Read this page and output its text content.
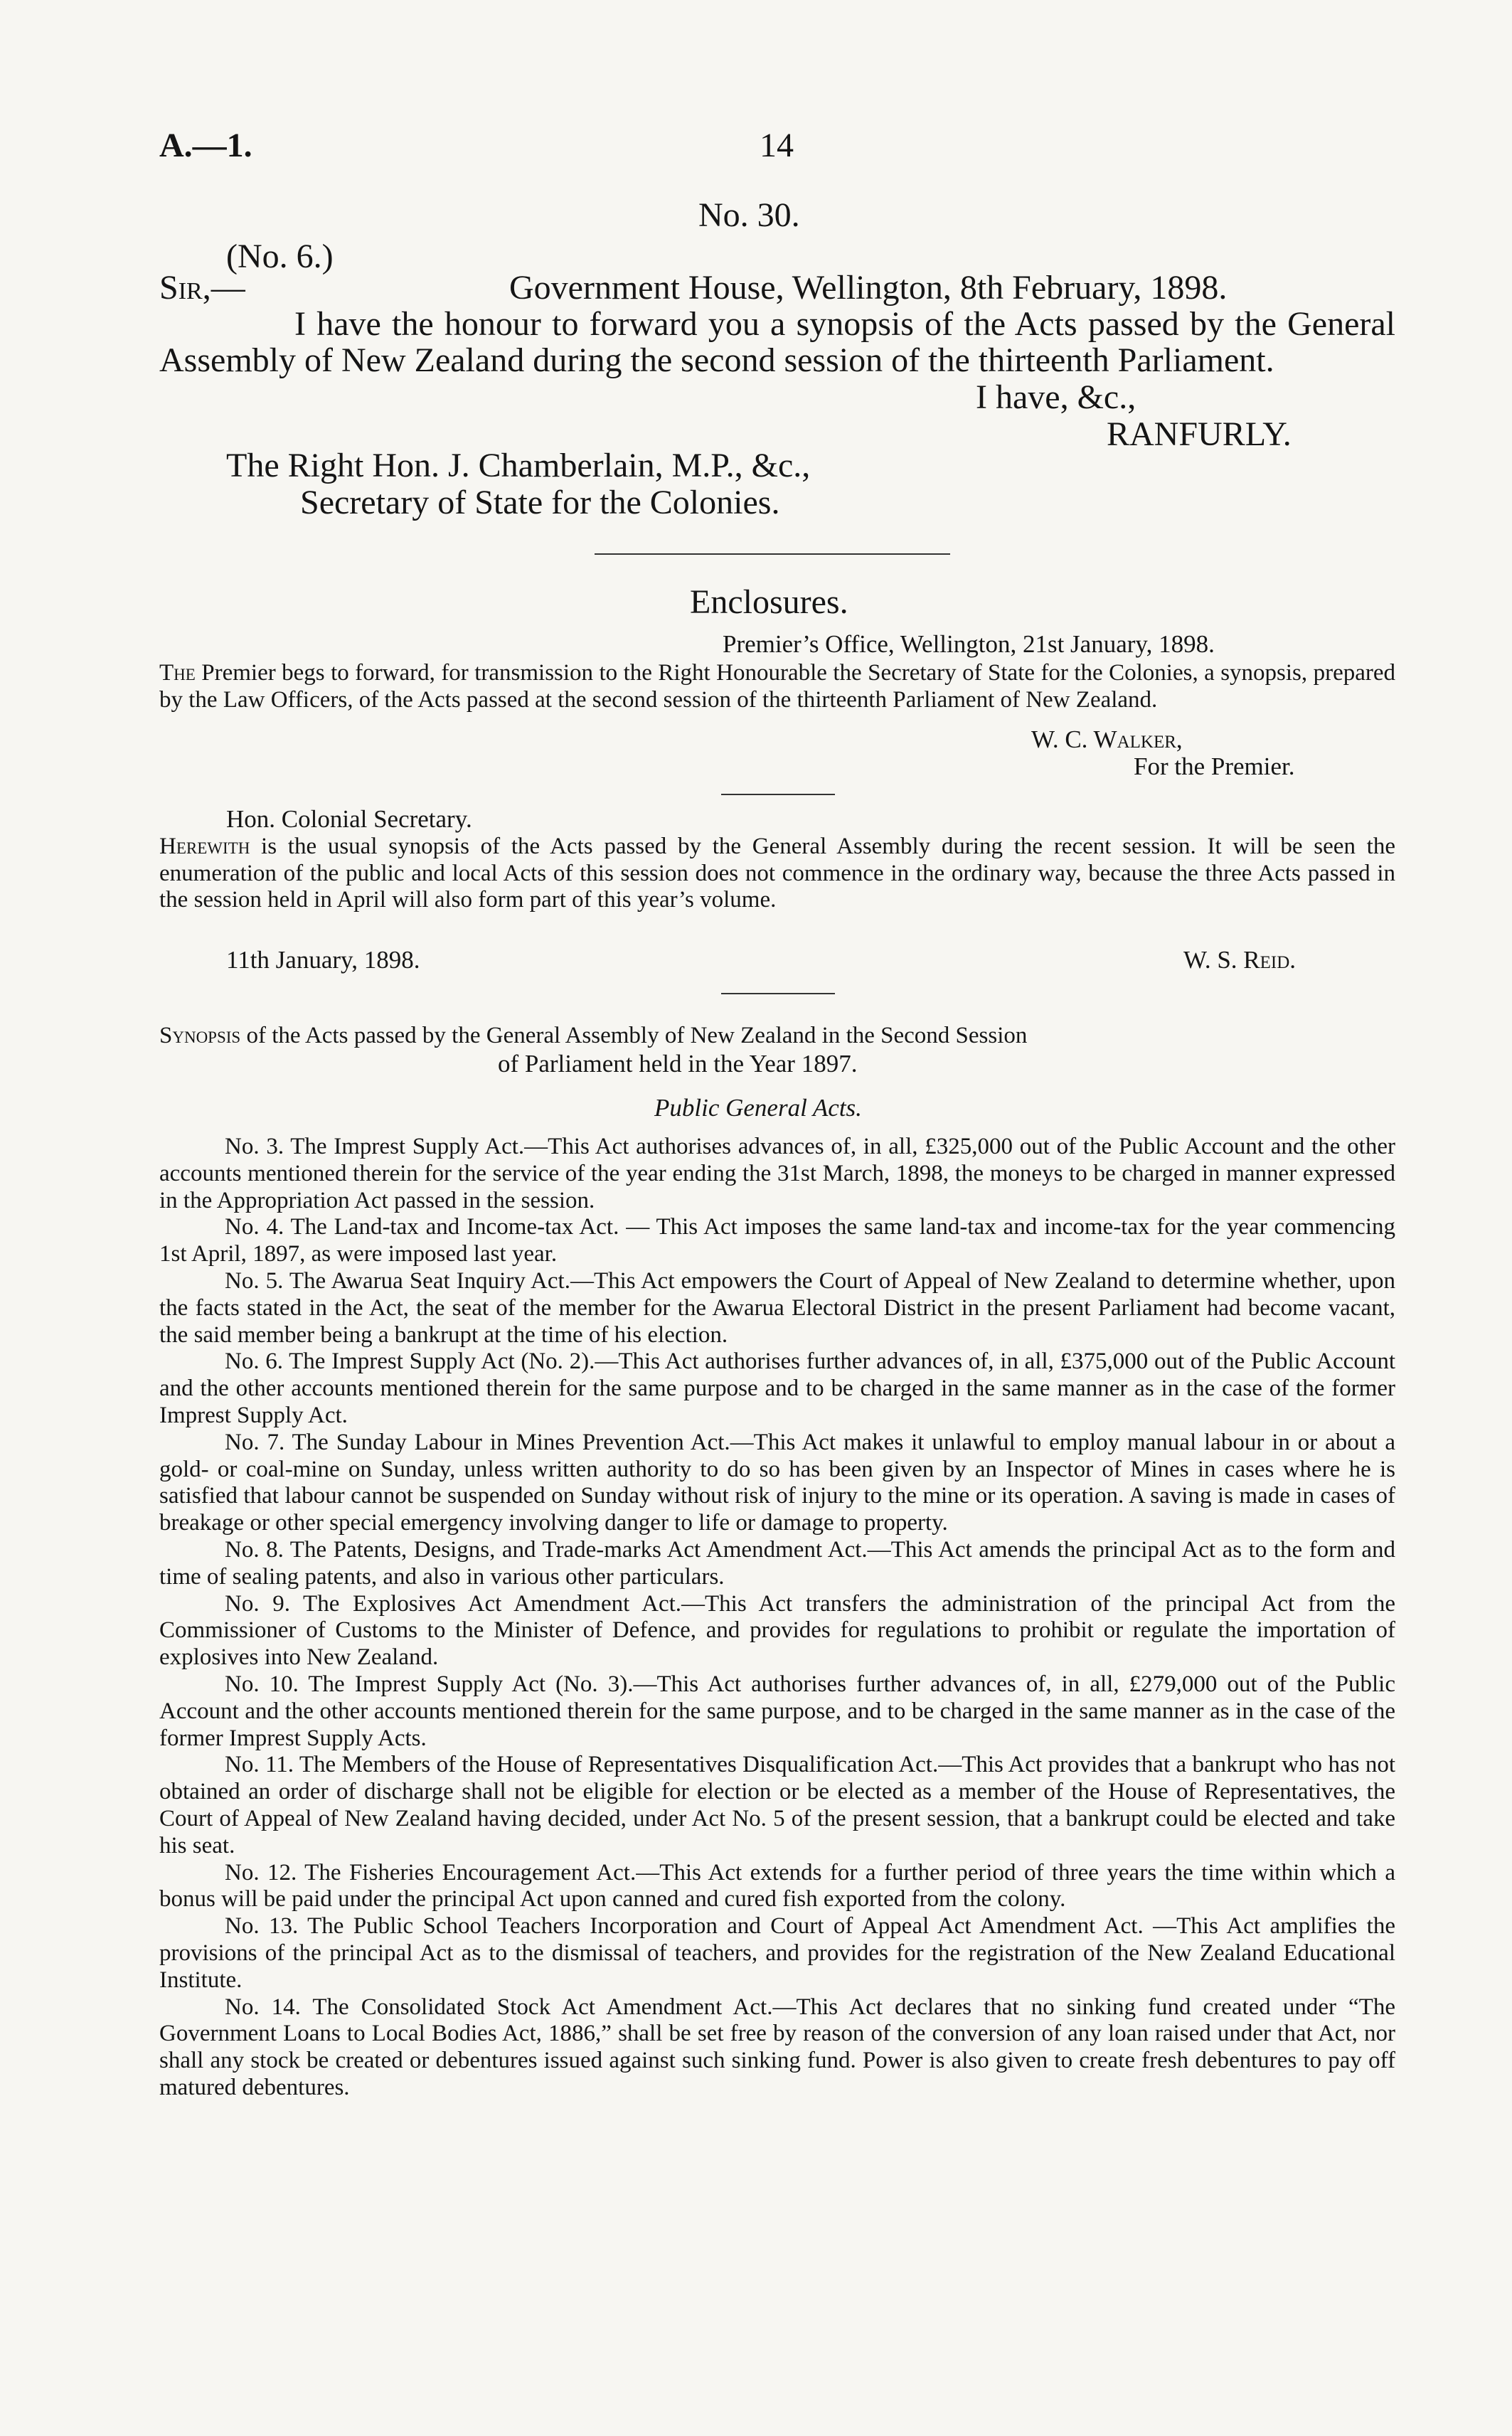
A.—1.	14
No. 30.
(No. 6.)
Sir,—	Government House, Wellington, 8th February, 1898.
I have the honour to forward you a synopsis of the Acts passed by the General Assembly of New Zealand during the second session of the thirteenth Parliament.
I have, &c.,
RANFURLY.
The Right Hon. J. Chamberlain, M.P., &c.,
Secretary of State for the Colonies.
Enclosures.
Premier’s Office, Wellington, 21st January, 1898.
The Premier begs to forward, for transmission to the Right Honourable the Secretary of State for the Colonies, a synopsis, prepared by the Law Officers, of the Acts passed at the second session of the thirteenth Parliament of New Zealand.
W. C. Walker,
For the Premier.
Hon. Colonial Secretary.
Herewith is the usual synopsis of the Acts passed by the General Assembly during the recent session. It will be seen the enumeration of the public and local Acts of this session does not commence in the ordinary way, because the three Acts passed in the session held in April will also form part of this year’s volume.
11th January, 1898.	W. S. Reid.
Synopsis of the Acts passed by the General Assembly of New Zealand in the Second Session
of Parliament held in the Year 1897.
Public General Acts.

No. 3. The Imprest Supply Act.—This Act authorises advances of, in all, £325,000 out of the Public Account and the other accounts mentioned therein for the service of the year ending the 31st March, 1898, the moneys to be charged in manner expressed in the Appropriation Act passed in the session.

No. 4. The Land-tax and Income-tax Act. — This Act imposes the same land-tax and income-tax for the year commencing 1st April, 1897, as were imposed last year.

No. 5. The Awarua Seat Inquiry Act.—This Act empowers the Court of Appeal of New Zealand to determine whether, upon the facts stated in the Act, the seat of the member for the Awarua Electoral District in the present Parliament had become vacant, the said member being a bankrupt at the time of his election.

No. 6. The Imprest Supply Act (No. 2).—This Act authorises further advances of, in all, £375,000 out of the Public Account and the other accounts mentioned therein for the same purpose and to be charged in the same manner as in the case of the former Imprest Supply Act.

No. 7. The Sunday Labour in Mines Prevention Act.—This Act makes it unlawful to employ manual labour in or about a gold- or coal-mine on Sunday, unless written authority to do so has been given by an Inspector of Mines in cases where he is satisfied that labour cannot be suspended on Sunday without risk of injury to the mine or its operation. A saving is made in cases of breakage or other special emergency involving danger to life or damage to property.

No. 8. The Patents, Designs, and Trade-marks Act Amendment Act.—This Act amends the principal Act as to the form and time of sealing patents, and also in various other particulars.

No. 9. The Explosives Act Amendment Act.—This Act transfers the administration of the principal Act from the Commissioner of Customs to the Minister of Defence, and provides for regulations to prohibit or regulate the importation of explosives into New Zealand.

No. 10. The Imprest Supply Act (No. 3).—This Act authorises further advances of, in all, £279,000 out of the Public Account and the other accounts mentioned therein for the same purpose, and to be charged in the same manner as in the case of the former Imprest Supply Acts.

No. 11. The Members of the House of Representatives Disqualification Act.—This Act provides that a bankrupt who has not obtained an order of discharge shall not be eligible for election or be elected as a member of the House of Representatives, the Court of Appeal of New Zealand having decided, under Act No. 5 of the present session, that a bankrupt could be elected and take his seat.

No. 12. The Fisheries Encouragement Act.—This Act extends for a further period of three years the time within which a bonus will be paid under the principal Act upon canned and cured fish exported from the colony.

No. 13. The Public School Teachers Incorporation and Court of Appeal Act Amendment Act. —This Act amplifies the provisions of the principal Act as to the dismissal of teachers, and provides for the registration of the New Zealand Educational Institute.

No. 14. The Consolidated Stock Act Amendment Act.—This Act declares that no sinking fund created under “The Government Loans to Local Bodies Act, 1886,” shall be set free by reason of the conversion of any loan raised under that Act, nor shall any stock be created or debentures issued against such sinking fund. Power is also given to create fresh debentures to pay off matured debentures.
